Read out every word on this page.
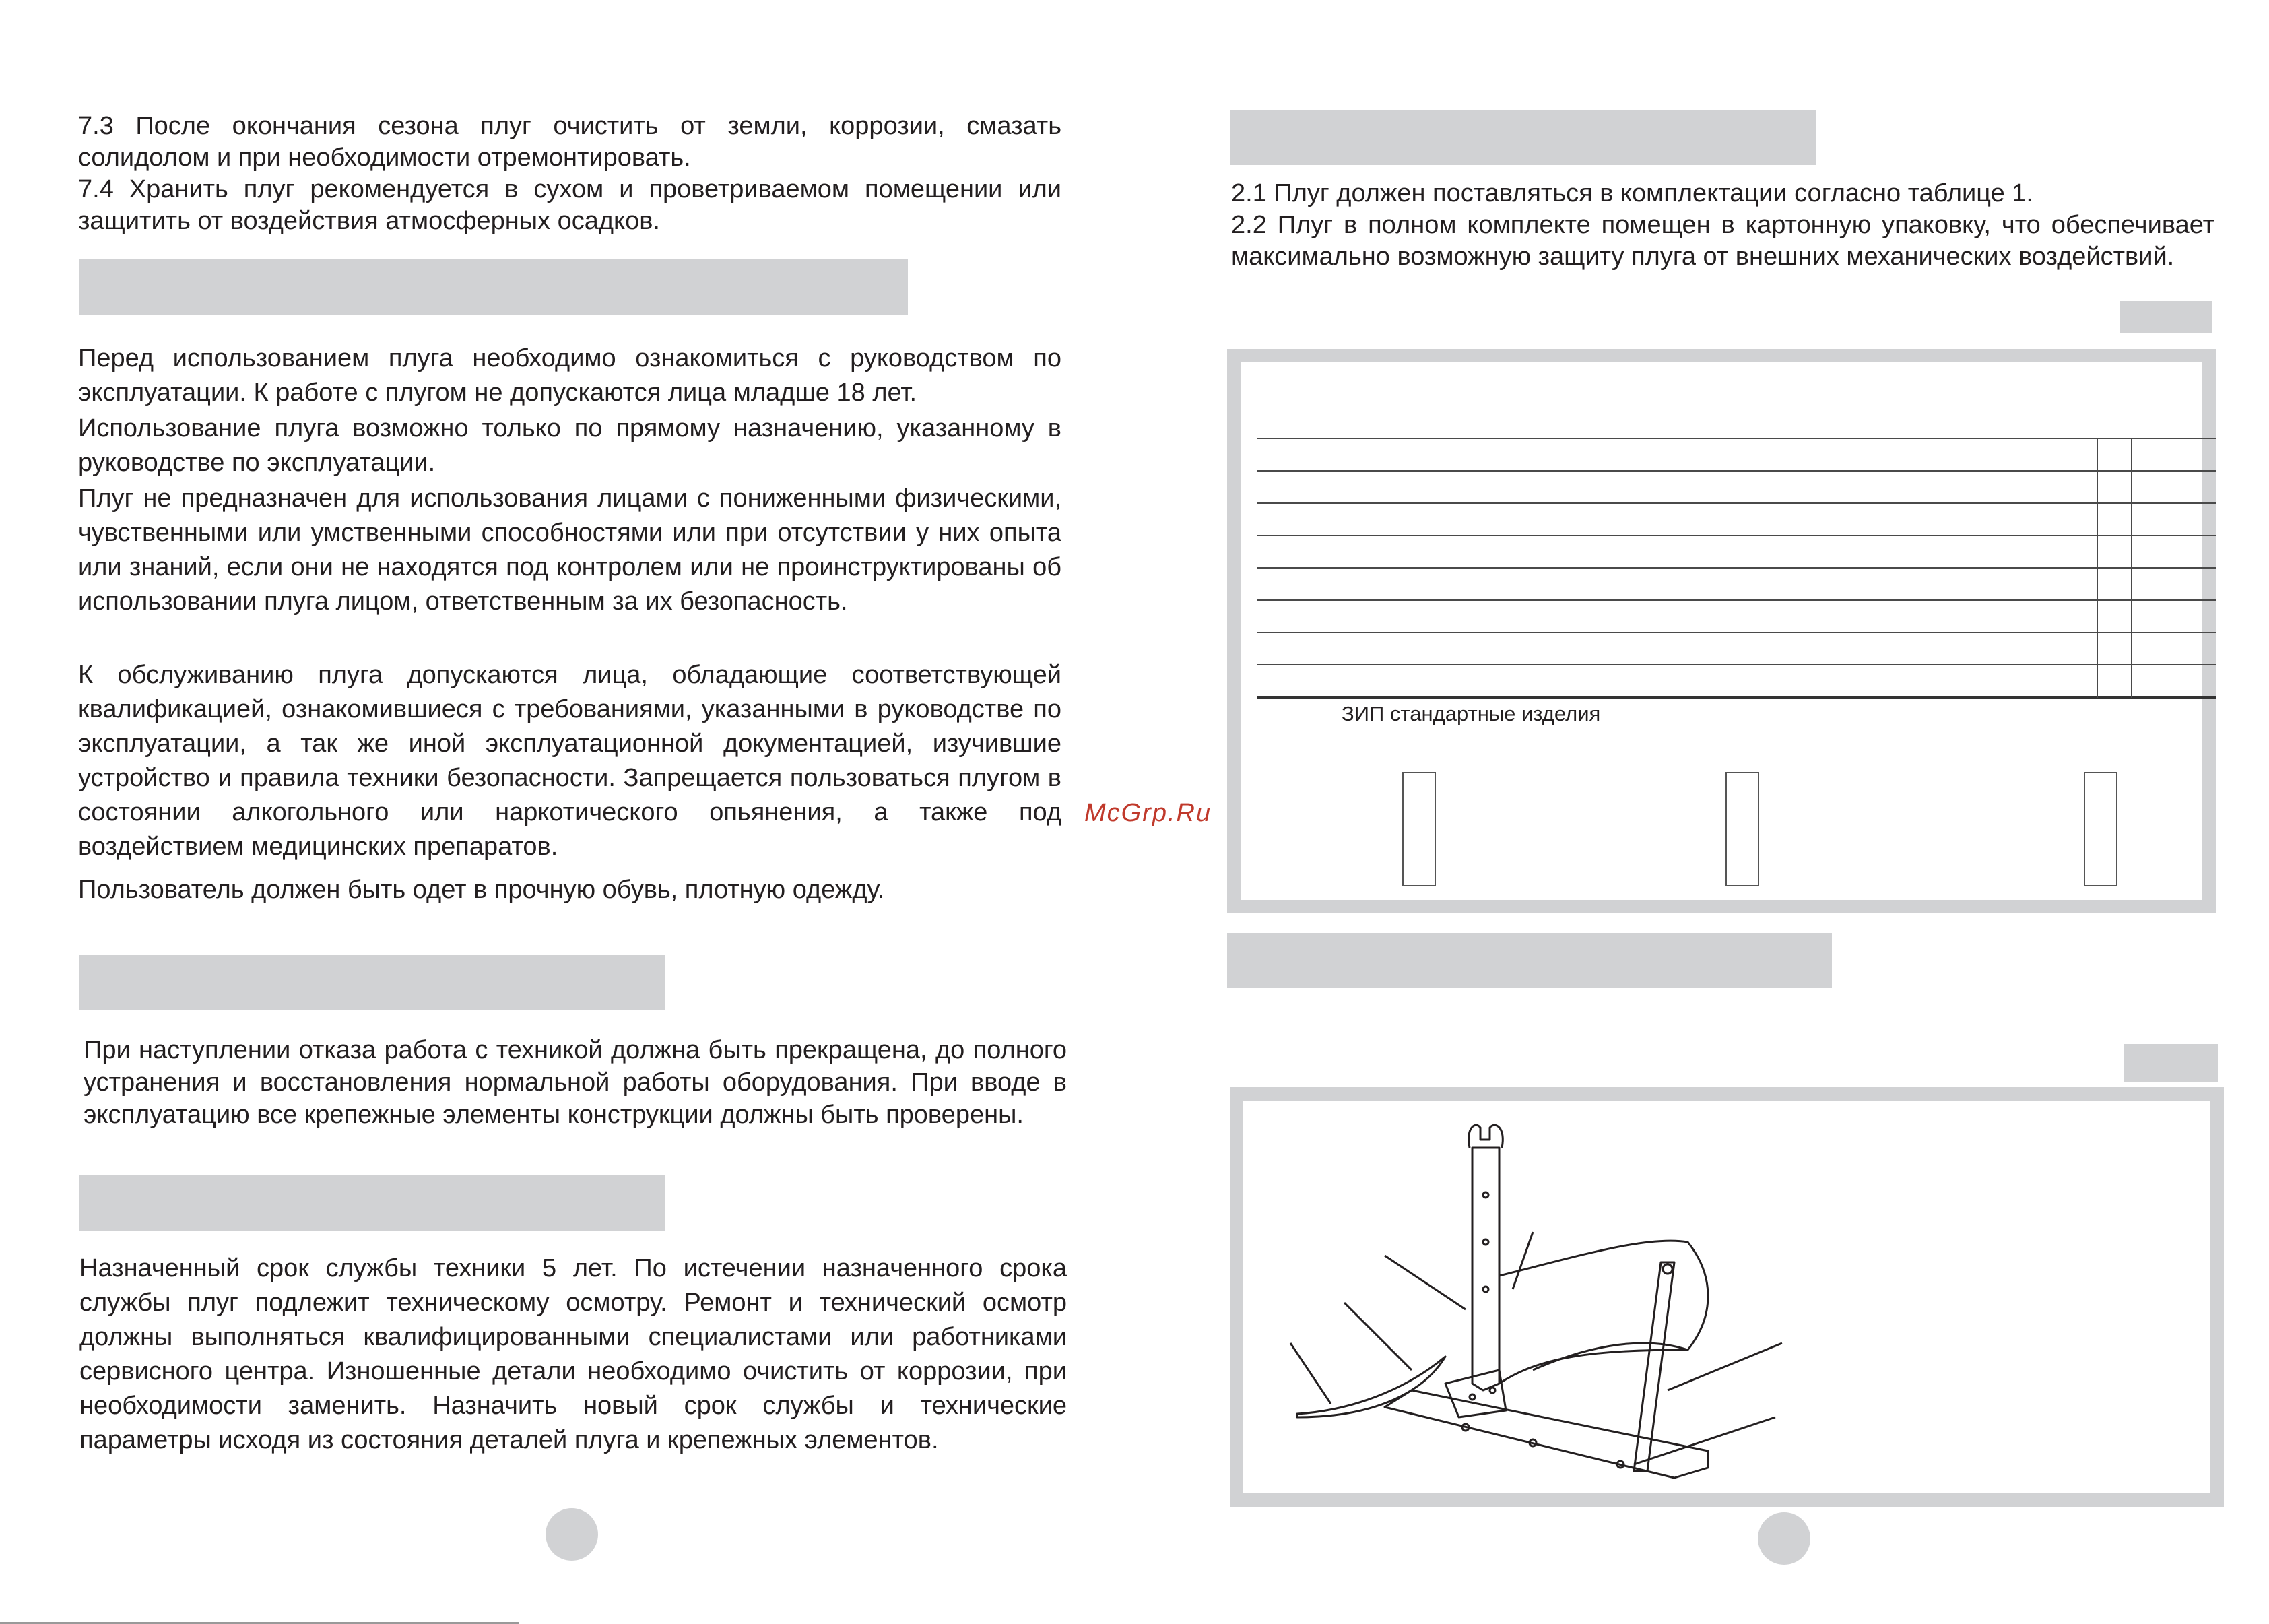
7.3 После окончания сезона плуг очистить от земли, коррозии, смазать солидолом и при необходимости отремонтировать.

7.4 Хранить плуг рекомендуется в сухом и проветриваемом помещении или защитить от воздействия атмосферных осадков.

Перед использованием плуга необходимо ознакомиться с руководством по эксплуатации. К работе с плугом не допускаются лица младше 18 лет.

Использование плуга возможно только по прямому назначению, указанному в руководстве по эксплуатации.

Плуг не предназначен для использования лицами с пониженными физическими, чувственными или умственными способностями или при отсутствии у них опыта или знаний, если они не находятся под контролем или не проинструктированы об использовании плуга лицом, ответственным за их безопасность.

К обслуживанию плуга допускаются лица, обладающие соответствующей квалификацией, ознакомившиеся с требованиями, указанными в руководстве по эксплуатации, а так же иной эксплуатационной документацией, изучившие устройство и правила техники безопасности. Запрещается пользоваться плугом в состоянии алкогольного или наркотического опьянения, а также под воздействием медицинских препаратов.

Пользователь должен быть одет в прочную обувь, плотную одежду.

При наступлении отказа работа с техникой должна быть прекращена, до полного устранения и восстановления нормальной работы оборудования. При вводе в эксплуатацию все крепежные элементы конструкции должны быть проверены.

Назначенный срок службы техники 5 лет. По истечении назначенного срока службы плуг подлежит техническому осмотру. Ремонт и технический осмотр должны выполняться квалифицированными специалистами или работниками сервисного центра. Изношенные детали необходимо очистить от коррозии, при необходимости заменить. Назначить новый срок службы и технические параметры исходя из состояния деталей плуга и крепежных элементов.

McGrp.Ru

2.1 Плуг должен поставляться в комплектации согласно таблице 1.

2.2 Плуг в полном комплекте помещен в картонную упаковку, что обеспечивает максимально возможную защиту плуга от внешних механических воздействий.

ЗИП стандартные изделия
